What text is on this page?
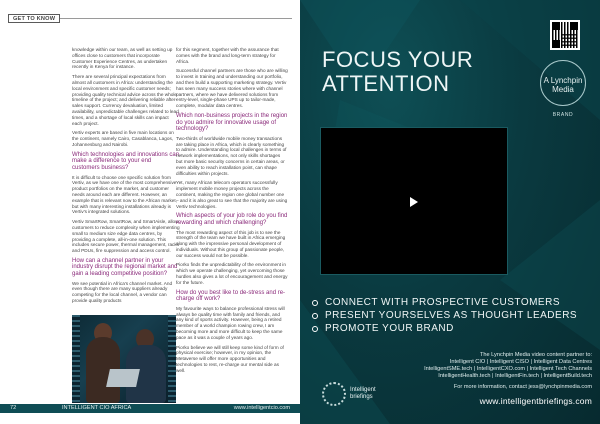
GET TO KNOW

knowledge within our team, as well as setting up offices close to customers that incorporate Customer Experience Centres, as undertaken recently in Kenya for instance.

There are several principal expectations from almost all customers in Africa: understanding the local environment and specific customer needs; providing quality technical advice across the whole timeline of the project; and delivering reliable after-sales support. Currency devaluation, limited availability, unpredictable challenges related to lead times, and a shortage of local skills can impact each project.

Vertiv experts are based in five main locations on the continent, namely Cairo, Casablanca, Lagos, Johannesburg and Nairobi.

Which technologies and innovations can make a difference to your end customers business?

It is difficult to choose one specific solution from Vertiv, as we have one of the most comprehensive product portfolios on the market, and customer needs around each are different. However, an example that is relevant now to the African market, but with many interesting installations already is Vertiv's integrated solutions.

Vertiv SmartRow, SmartRow, and SmartAisle, allow customers to reduce complexity when implementing small to medium size edge data centres, by providing a complete, all-in-one solution. This includes secure power, thermal management, racks and PDUs, fire suppression and access control.

How can a channel partner in your industry disrupt the regional market and gain a leading competitive position?

We see potential in Africa's channel market. And even though there are many suppliers already competing for the local channel, a vendor can provide quality products

for this segment, together with the assurance that comes with the brand and long-term strategy for Africa.

Successful channel partners are those who are willing to invest in training and understanding our portfolio, and then build a supporting marketing strategy. Vertiv has seen many success stories where with channel partners, where we have delivered solutions from entry-level, single-phase UPS up to tailor-made, complete, modular data centres.

Which non-business projects in the region do you admire for innovative usage of technology?

Two-thirds of worldwide mobile money transactions are taking place in Africa, which is clearly something to admire. Understanding local challenges in terms of network implementations, not only skills shortages but more basic security concerns in certain areas, or even ability to reach installation point, can shape difficulties within projects.

Yet, many African telecom operators successfully implement mobile money projects across the continent, making the region one global number one – and it is also great to see that the majority are using Vertiv technologies.

Which aspects of your job role do you find rewarding and which challenging?

The most rewarding aspect of this job is to see the strength of the team we have built in Africa emerging along with the impressive personal development of individuals. Without this group of passionate people, our success would not be possible.

Piorko finds the unpredictability of the environment in which we operate challenging, yet overcoming those hurdles also gives a lot of encouragement and energy for the future.

How do you best like to de-stress and re-charge off work?

My favourite ways to balance professional stress will always be quality time with family and friends, and any kind of sports activity. However, being a retired member of a world champion rowing crew, I am becoming more and more difficult to keep the same pace as it was a couple of years ago.

Piorko believe we will still keep some kind of form of physical exercise; however, in my opinion, the Metaverse will offer more opportunities and technologies to rest, re-charge our mental side as well.

72	INTELLIGENT CIO AFRICA	www.intelligentcio.com
FOCUS YOUR
ATTENTION	A Lynchpin Media
BRAND
CONNECT WITH PROSPECTIVE CUSTOMERS
PRESENT YOURSELVES AS THOUGHT LEADERS
PROMOTE YOUR BRAND
The Lynchpin Media video content partner to:
Intelligent CIO | Intelligent CISO | Intelligent Data Centres
IntelligentSME.tech | IntelligentCXO.com | Intelligent Tech Channels
IntelligentHealth.tech | IntelligentFin.tech | IntelligentBuild.tech
For more information, contact jess@lynchpinmedia.com
www.intelligentbriefings.com
Intelligent
briefings
